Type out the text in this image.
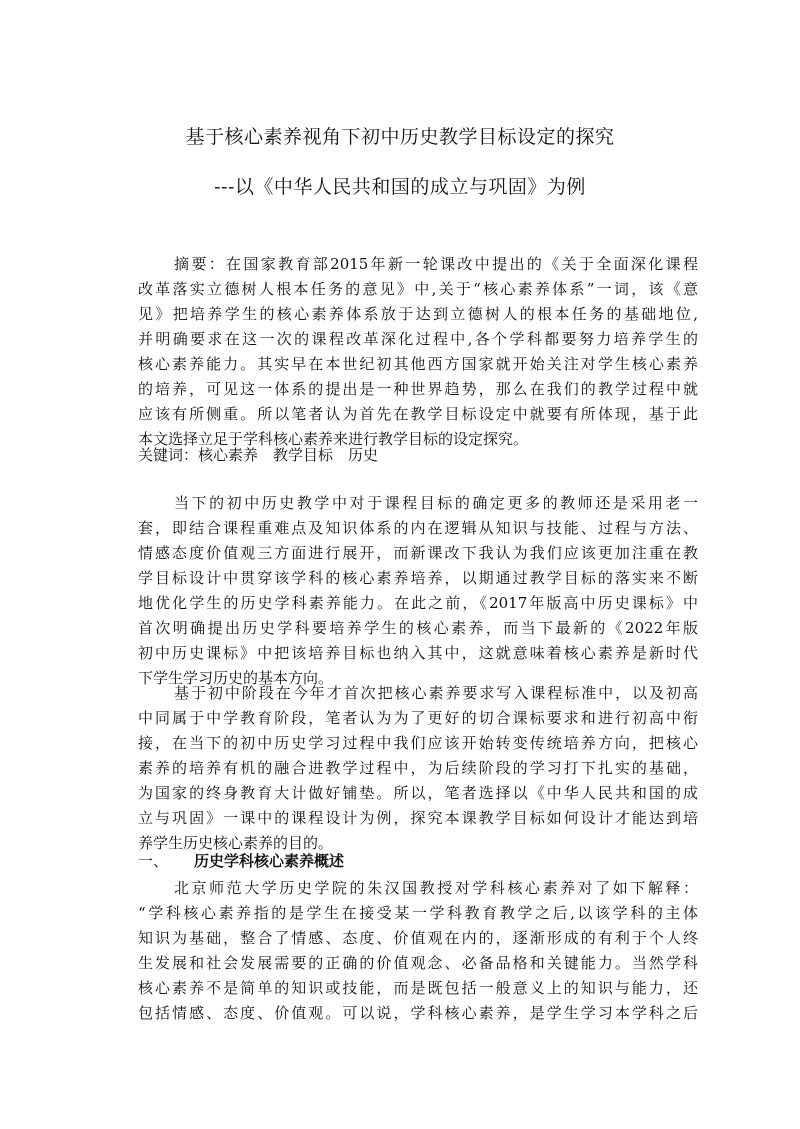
基于核心素养视角下初中历史教学目标设定的探究
---以《中华人民共和国的成立与巩固》为例
摘要：在国家教育部2015年新一轮课改中提出的《关于全面深化课程
改革落实立德树人根本任务的意见》中,关于“核心素养体系”一词，该《意
见》把培养学生的核心素养体系放于达到立德树人的根本任务的基础地位,
并明确要求在这一次的课程改革深化过程中,各个学科都要努力培养学生的
核心素养能力。其实早在本世纪初其他西方国家就开始关注对学生核心素养
的培养，可见这一体系的提出是一种世界趋势，那么在我们的教学过程中就
应该有所侧重。所以笔者认为首先在教学目标设定中就要有所体现，基于此
本文选择立足于学科核心素养来进行教学目标的设定探究。
关键词：核心素养　教学目标　历史
当下的初中历史教学中对于课程目标的确定更多的教师还是采用老一
套，即结合课程重难点及知识体系的内在逻辑从知识与技能、过程与方法、
情感态度价值观三方面进行展开，而新课改下我认为我们应该更加注重在教
学目标设计中贯穿该学科的核心素养培养，以期通过教学目标的落实来不断
地优化学生的历史学科素养能力。在此之前，《2017年版高中历史课标》中
首次明确提出历史学科要培养学生的核心素养，而当下最新的《2022年版
初中历史课标》中把该培养目标也纳入其中，这就意味着核心素养是新时代
下学生学习历史的基本方向。
基于初中阶段在今年才首次把核心素养要求写入课程标准中，以及初高
中同属于中学教育阶段，笔者认为为了更好的切合课标要求和进行初高中衔
接，在当下的初中历史学习过程中我们应该开始转变传统培养方向，把核心
素养的培养有机的融合进教学过程中，为后续阶段的学习打下扎实的基础，
为国家的终身教育大计做好铺垫。所以，笔者选择以《中华人民共和国的成
立与巩固》一课中的课程设计为例，探究本课教学目标如何设计才能达到培
养学生历史核心素养的目的。
一、 历史学科核心素养概述
北京师范大学历史学院的朱汉国教授对学科核心素养对了如下解释：
“学科核心素养指的是学生在接受某一学科教育教学之后,以该学科的主体
知识为基础，整合了情感、态度、价值观在内的，逐渐形成的有利于个人终
生发展和社会发展需要的正确的价值观念、必备品格和关键能力。当然学科
核心素养不是简单的知识或技能，而是既包括一般意义上的知识与能力，还
包括情感、态度、价值观。可以说，学科核心素养，是学生学习本学科之后
